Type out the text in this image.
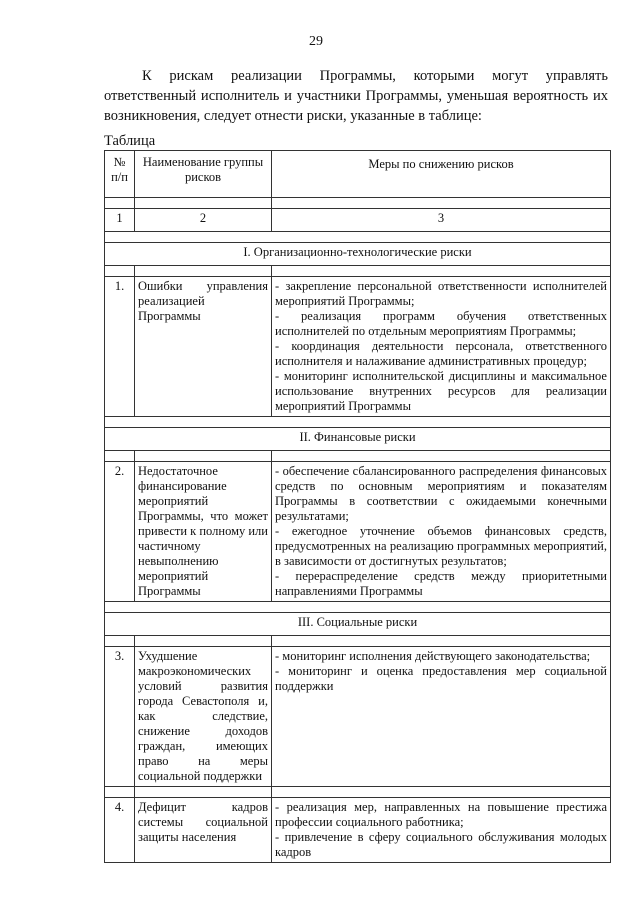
29

К рискам реализации Программы, которыми могут управлять ответственный исполнитель и участники Программы, уменьшая вероятность их возникновения, следует отнести риски, указанные в таблице:

Таблица
№ п/п	Наименование группы рисков	Меры по снижению рисков

1	2	3

I. Организационно-технологические риски		

1.	Ошибки управления реализацией Программы	- закрепление персональной ответственности исполнителей мероприятий Программы;
- реализация программ обучения ответственных исполнителей по отдельным мероприятиям Программы;
- координация деятельности персонала, ответственного исполнителя и налаживание административных процедур;
- мониторинг исполнительской дисциплины и максимальное использование внутренних ресурсов для реализации мероприятий Программы

II. Финансовые риски		

2.	Недостаточное финансирование мероприятий Программы, что может привести к полному или частичному невыполнению мероприятий Программы	- обеспечение сбалансированного распределения финансовых средств по основным мероприятиям и показателям Программы в соответствии с ожидаемыми конечными результатами;
- ежегодное уточнение объемов финансовых средств, предусмотренных на реализацию программных мероприятий, в зависимости от достигнутых результатов;
- перераспределение средств между приоритетными направлениями Программы

III. Социальные риски		

3.	Ухудшение макроэкономических условий развития города Севастополя и, как следствие, снижение доходов граждан, имеющих право на меры социальной поддержки	- мониторинг исполнения действующего законодательства;
- мониторинг и оценка предоставления мер социальной поддержки

4.	Дефицит кадров системы социальной защиты населения	- реализация мер, направленных на повышение престижа профессии социального работника;
- привлечение в сферу социального обслуживания молодых кадров
